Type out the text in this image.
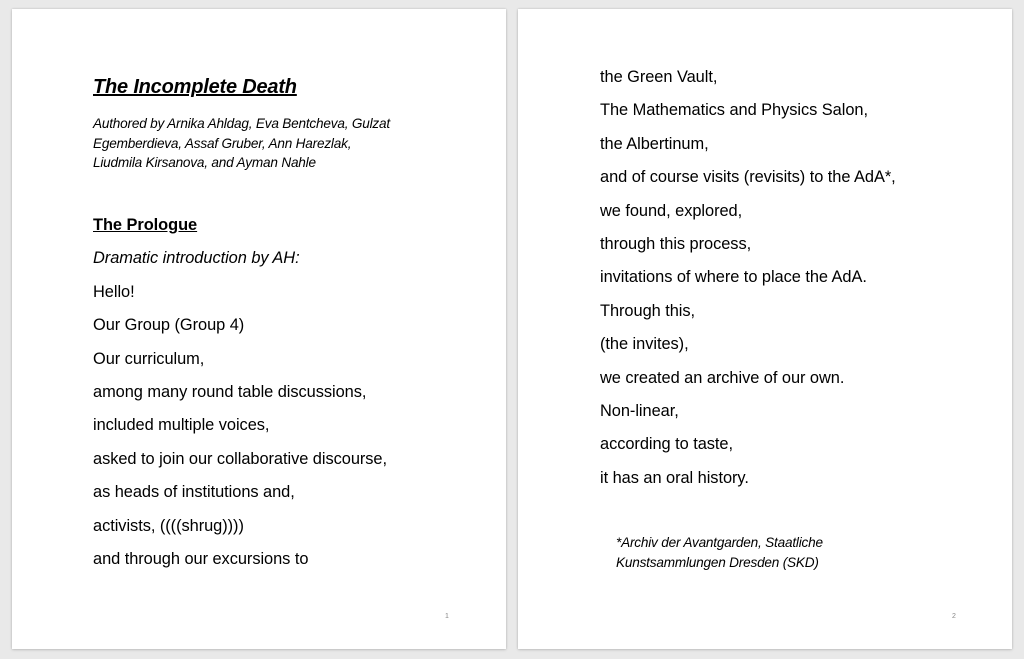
The Incomplete Death
Authored by Arnika Ahldag, Eva Bentcheva, Gulzat
Egemberdieva, Assaf Gruber, Ann Harezlak,
Liudmila Kirsanova, and Ayman Nahle
The Prologue
Dramatic introduction by AH:
Hello!
Our Group (Group 4)
Our curriculum,
among many round table discussions,
included multiple voices,
asked to join our collaborative discourse,
as heads of institutions and,
activists, ((((shrug))))
and through our excursions to
1
the Green Vault,
The Mathematics and Physics Salon,
the Albertinum,
and of course visits (revisits) to the AdA*,
we found, explored,
through this process,
invitations of where to place the AdA.
Through this,
(the invites),
we created an archive of our own.
Non-linear,
according to taste,
it has an oral history.
*Archiv der Avantgarden, Staatliche
Kunstsammlungen Dresden (SKD)
2
